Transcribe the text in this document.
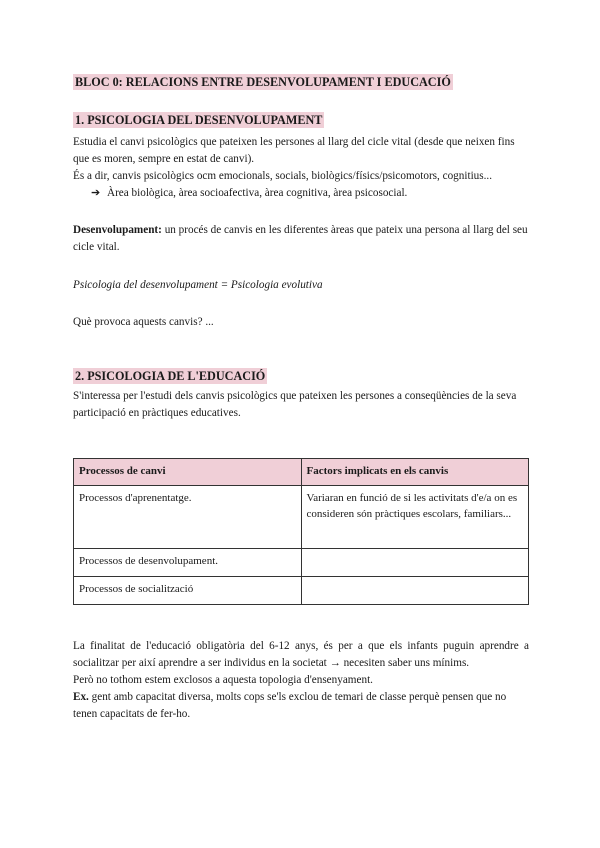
BLOC 0: RELACIONS ENTRE DESENVOLUPAMENT I EDUCACIÓ
1. PSICOLOGIA DEL DESENVOLUPAMENT

Estudia el canvi psicològics que pateixen les persones al llarg del cicle vital (desde que neixen fins que es moren, sempre en estat de canvi).

És a dir, canvis psicològics ocm emocionals, socials, biològics/físics/psicomotors, cognitius...

➔ Àrea biològica, àrea socioafectiva, àrea cognitiva, àrea psicosocial.

Desenvolupament: un procés de canvis en les diferentes àreas que pateix una persona al llarg del seu cicle vital.

Psicologia del desenvolupament = Psicologia evolutiva

Què provoca aquests canvis? ...

2. PSICOLOGIA DE L'EDUCACIÓ

S'interessa per l'estudi dels canvis psicològics que pateixen les persones a conseqüències de la seva participació en pràctiques educatives.

Processos de canvi	Factors implicats en els canvis
Processos d'aprenentatge.	Variaran en funció de si les activitats d'e/a on es consideren són pràctiques escolars, familiars...
Processos de desenvolupament.	
Processos de socialització	

La finalitat de l'educació obligatòria del 6-12 anys, és per a que els infants puguin aprendre a socialitzar per així aprendre a ser individus en la societat → necesiten saber uns mínims.

Però no tothom estem exclosos a aquesta topologia d'ensenyament.

Ex. gent amb capacitat diversa, molts cops se'ls exclou de temari de classe perquè pensen que no tenen capacitats de fer-ho.
